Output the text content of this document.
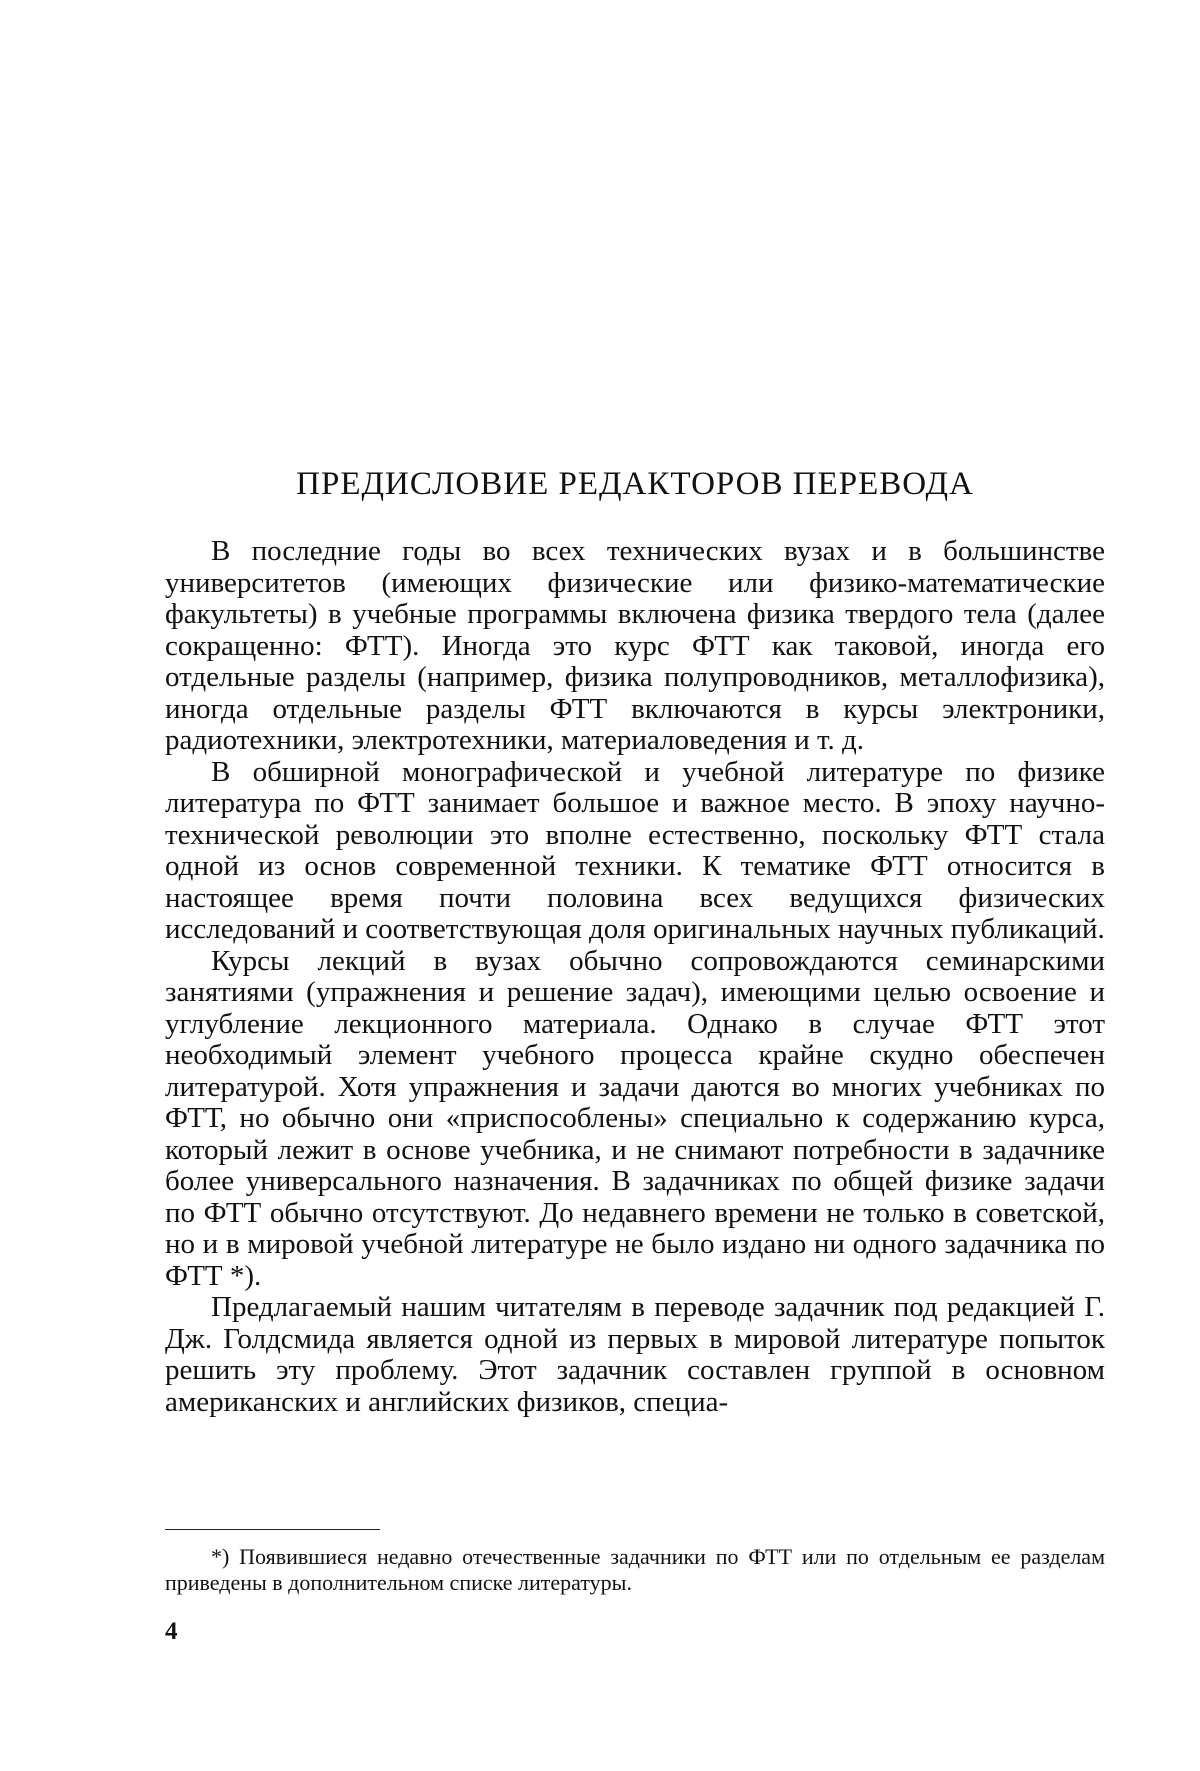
ПРЕДИСЛОВИЕ РЕДАКТОРОВ ПЕРЕВОДА

В последние годы во всех технических вузах и в большинстве университетов (имеющих физические или физико-математические факультеты) в учебные программы включена физика твердого тела (далее сокращенно: ФТТ). Иногда это курс ФТТ как таковой, иногда его отдельные разделы (например, физика полупроводников, металлофизика), иногда отдельные разделы ФТТ включаются в курсы электроники, радиотехники, электротехники, материаловедения и т. д.

В обширной монографической и учебной литературе по физике литература по ФТТ занимает большое и важное место. В эпоху научно-технической революции это вполне естественно, поскольку ФТТ стала одной из основ современной техники. К тематике ФТТ относится в настоящее время почти половина всех ведущихся физических исследований и соответствующая доля оригинальных научных публикаций.

Курсы лекций в вузах обычно сопровождаются семинарскими занятиями (упражнения и решение задач), имеющими целью освоение и углубление лекционного материала. Однако в случае ФТТ этот необходимый элемент учебного процесса крайне скудно обеспечен литературой. Хотя упражнения и задачи даются во многих учебниках по ФТТ, но обычно они «приспособлены» специально к содержанию курса, который лежит в основе учебника, и не снимают потребности в задачнике более универсального назначения. В задачниках по общей физике задачи по ФТТ обычно отсутствуют. До недавнего времени не только в советской, но и в мировой учебной литературе не было издано ни одного задачника по ФТТ *).

Предлагаемый нашим читателям в переводе задачник под редакцией Г. Дж. Голдсмида является одной из первых в мировой литературе попыток решить эту проблему. Этот задачник составлен группой в основном американских и английских физиков, специа-

*) Появившиеся недавно отечественные задачники по ФТТ или по отдельным ее разделам приведены в дополнительном списке литературы.

4
